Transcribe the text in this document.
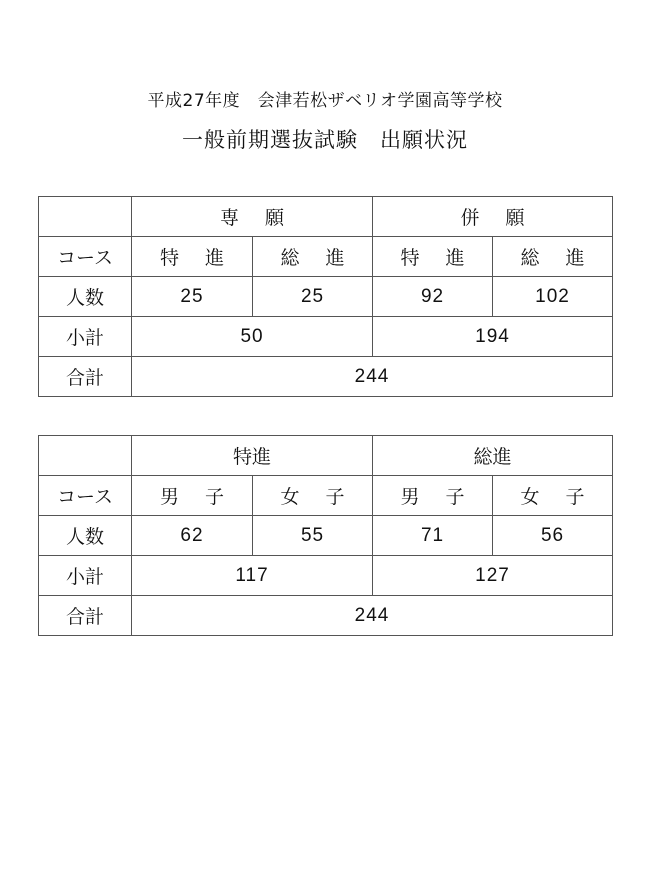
平成27年度　会津若松ザベリオ学園高等学校
一般前期選抜試験　出願状況
	専 願		併 願	
コース	特 進	総 進	特 進	総 進
人数	25	25	92	102
小計	50		194	
合計	244			
	特進		総進	
コース	男 子	女 子	男 子	女 子
人数	62	55	71	56
小計	117		127	
合計	244			
